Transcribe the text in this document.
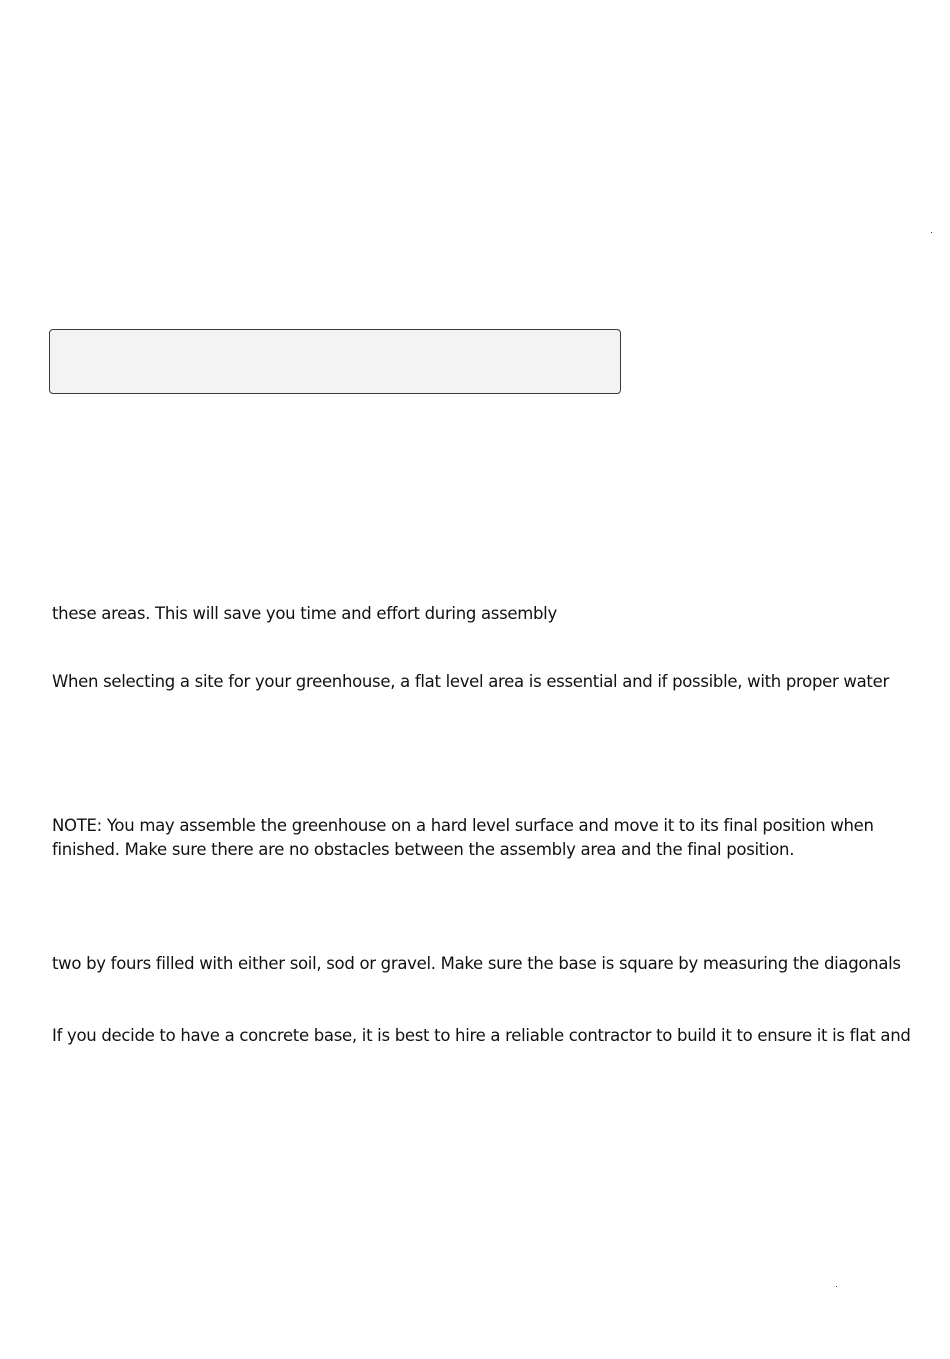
these areas. This will save you time and effort during assembly

When selecting a site for your greenhouse, a flat level area is essential and if possible, with proper water

NOTE: You may assemble the greenhouse on a hard level surface and move it to its final position when

finished. Make sure there are no obstacles between the assembly area and the final position.

two by fours filled with either soil, sod or gravel. Make sure the base is square by measuring the diagonals

If you decide to have a concrete base, it is best to hire a reliable contractor to build it to ensure it is flat and
